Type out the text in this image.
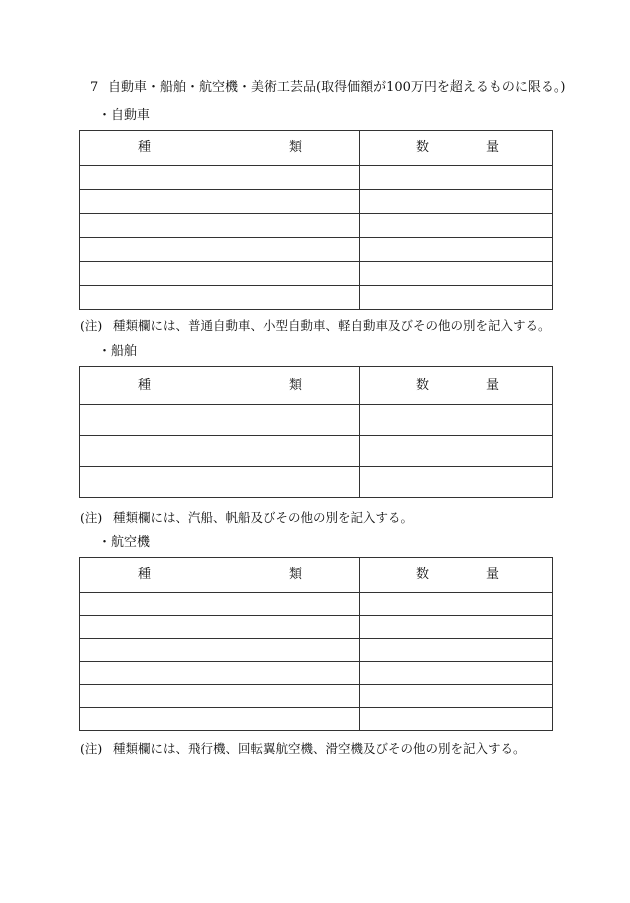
7 自動車・船舶・航空機・美術工芸品(取得価額が100万円を超えるものに限る。)
・自動車
種 類	数 量

(注) 種類欄には、普通自動車、小型自動車、軽自動車及びその他の別を記入する。
・船舶
種 類	数 量

(注) 種類欄には、汽船、帆船及びその他の別を記入する。
・航空機
種 類	数 量

(注) 種類欄には、飛行機、回転翼航空機、滑空機及びその他の別を記入する。
